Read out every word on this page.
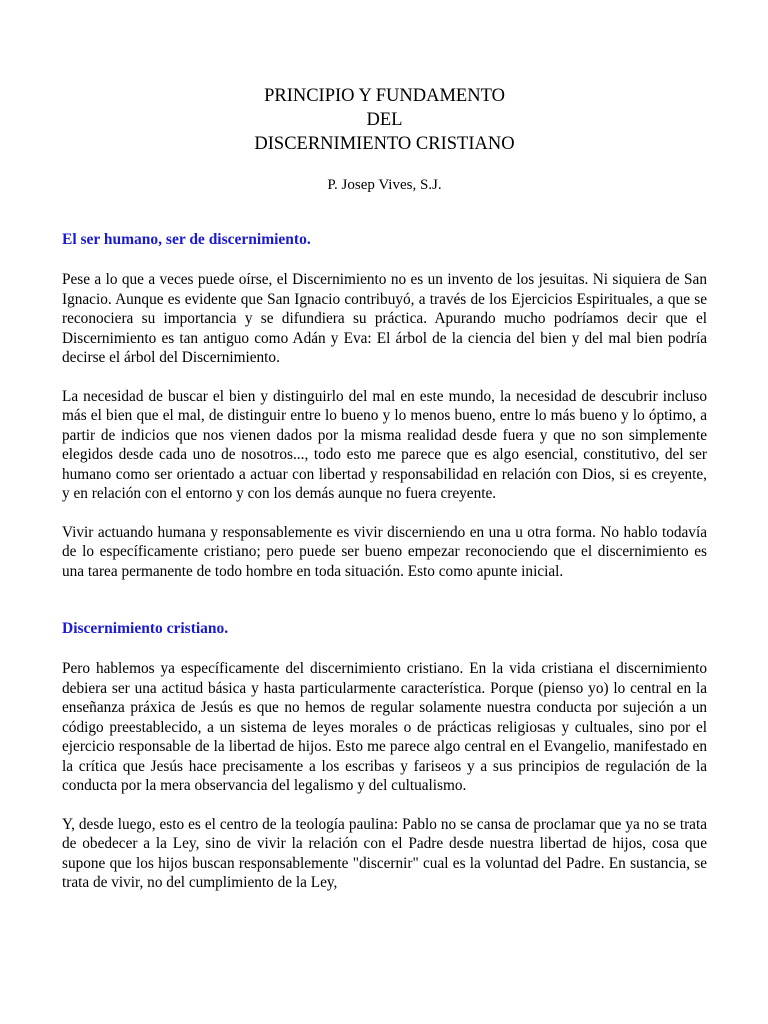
PRINCIPIO Y FUNDAMENTO
DEL
DISCERNIMIENTO CRISTIANO
P. Josep Vives, S.J.
El ser humano, ser de discernimiento.

Pese a lo que a veces puede oírse, el Discernimiento no es un invento de los jesuitas. Ni siquiera de San Ignacio. Aunque es evidente que San Ignacio contribuyó, a través de los Ejercicios Espirituales, a que se reconociera su importancia y se difundiera su práctica. Apurando mucho podríamos decir que el Discernimiento es tan antiguo como Adán y Eva: El árbol de la ciencia del bien y del mal bien podría decirse el árbol del Discernimiento.

La necesidad de buscar el bien y distinguirlo del mal en este mundo, la necesidad de descubrir incluso más el bien que el mal, de distinguir entre lo bueno y lo menos bueno, entre lo más bueno y lo óptimo, a partir de indicios que nos vienen dados por la misma realidad desde fuera y que no son simplemente elegidos desde cada uno de nosotros..., todo esto me parece que es algo esencial, constitutivo, del ser humano como ser orientado a actuar con libertad y responsabilidad en relación con Dios, si es creyente, y en relación con el entorno y con los demás aunque no fuera creyente.

Vivir actuando humana y responsablemente es vivir discerniendo en una u otra forma. No hablo todavía de lo específicamente cristiano; pero puede ser bueno empezar reconociendo que el discernimiento es una tarea permanente de todo hombre en toda situación. Esto como apunte inicial.

Discernimiento cristiano.

Pero hablemos ya específicamente del discernimiento cristiano. En la vida cristiana el discernimiento debiera ser una actitud básica y hasta particularmente característica. Porque (pienso yo) lo central en la enseñanza práxica de Jesús es que no hemos de regular solamente nuestra conducta por sujeción a un código preestablecido, a un sistema de leyes morales o de prácticas religiosas y cultuales, sino por el ejercicio responsable de la libertad de hijos. Esto me parece algo central en el Evangelio, manifestado en la crítica que Jesús hace precisamente a los escribas y fariseos y a sus principios de regulación de la conducta por la mera observancia del legalismo y del cultualismo.

Y, desde luego, esto es el centro de la teología paulina: Pablo no se cansa de proclamar que ya no se trata de obedecer a la Ley, sino de vivir la relación con el Padre desde nuestra libertad de hijos, cosa que supone que los hijos buscan responsablemente "discernir" cual es la voluntad del Padre. En sustancia, se trata de vivir, no del cumplimiento de la Ley,
